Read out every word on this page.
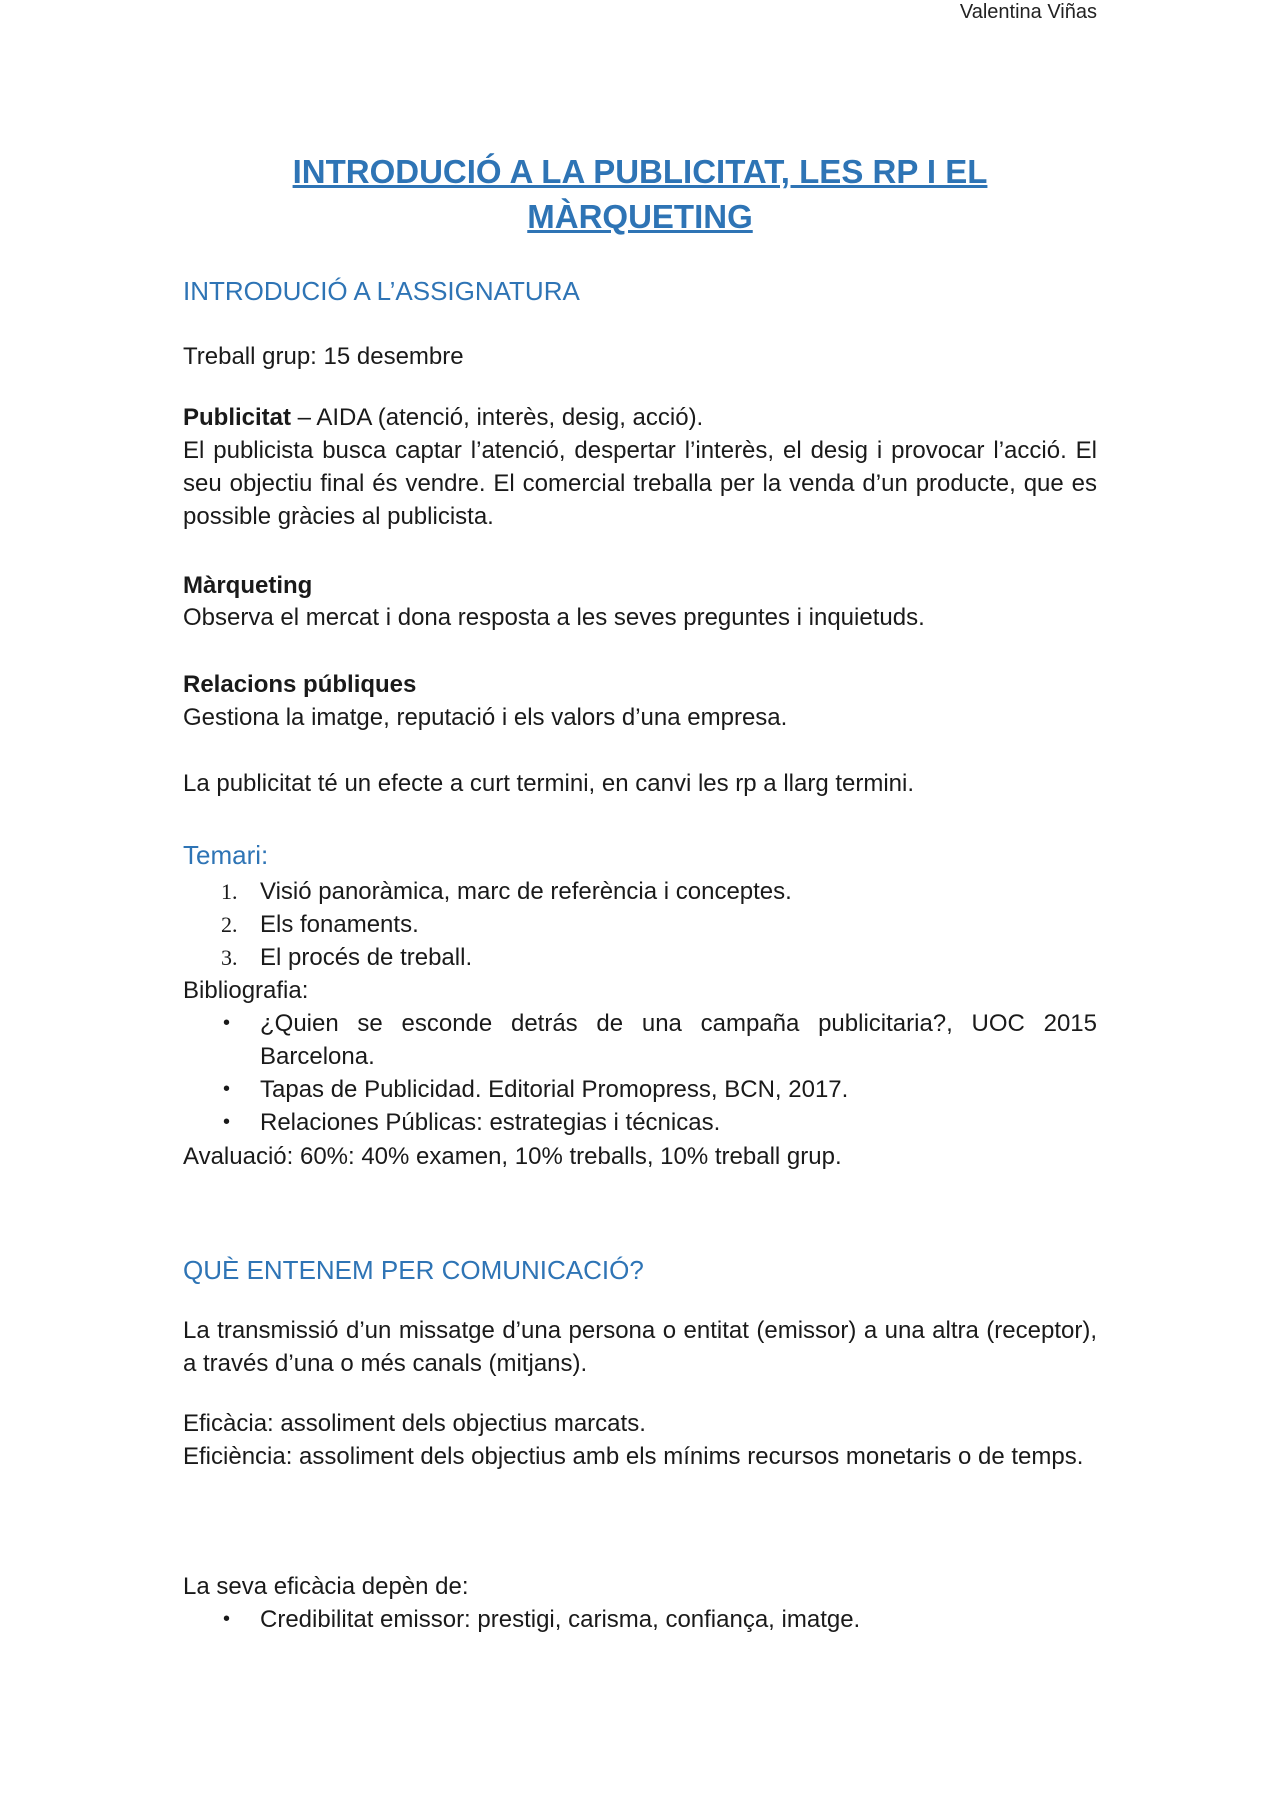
Valentina Viñas
INTRODUCIÓ A LA PUBLICITAT, LES RP I EL
MÀRQUETING
INTRODUCIÓ A L’ASSIGNATURA
Treball grup: 15 desembre
Publicitat – AIDA (atenció, interès, desig, acció).
El publicista busca captar l’atenció, despertar l’interès, el desig i provocar l’acció. El seu objectiu final és vendre. El comercial treballa per la venda d’un producte, que es possible gràcies al publicista.
Màrqueting
Observa el mercat i dona resposta a les seves preguntes i inquietuds.
Relacions públiques
Gestiona la imatge, reputació i els valors d’una empresa.
La publicitat té un efecte a curt termini, en canvi les rp a llarg termini.
Temari:
1. Visió panoràmica, marc de referència i conceptes.
2. Els fonaments.
3. El procés de treball.
Bibliografia:
•	¿Quien se esconde detrás de una campaña publicitaria?, UOC 2015 Barcelona.
•	Tapas de Publicidad. Editorial Promopress, BCN, 2017.
•	Relaciones Públicas: estrategias i técnicas.
Avaluació: 60%: 40% examen, 10% treballs, 10% treball grup.
QUÈ ENTENEM PER COMUNICACIÓ?
La transmissió d’un missatge d’una persona o entitat (emissor) a una altra (receptor), a través d’una o més canals (mitjans).
Eficàcia: assoliment dels objectius marcats.
Eficiència: assoliment dels objectius amb els mínims recursos monetaris o de temps.
La seva eficàcia depèn de:
•	Credibilitat emissor: prestigi, carisma, confiança, imatge.
